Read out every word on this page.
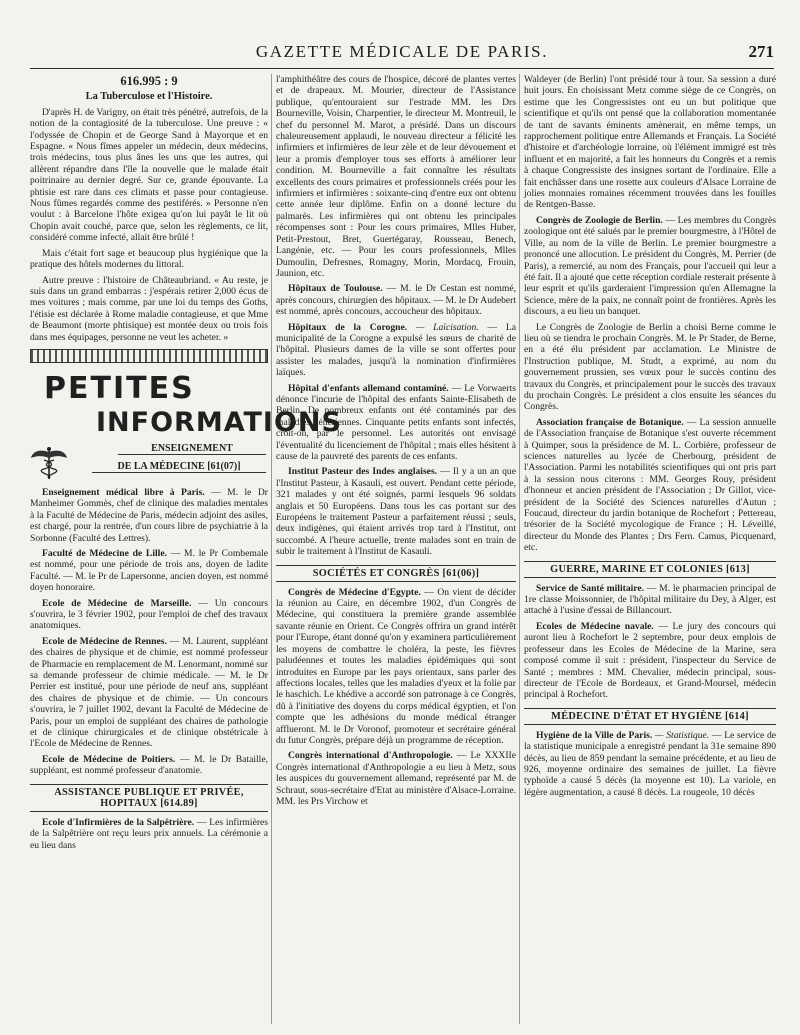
GAZETTE MÉDICALE DE PARIS.	271

616.995 : 9

La Tuberculose et l'Histoire.

D'après H. de Varigny, on était très pénétré, autrefois, de la notion de la contagiosité de la tuberculose. Une preuve : « l'odyssée de Chopin et de George Sand à Mayorque et en Espagne. « Nous fîmes appeler un médecin, deux médecins, trois médecins, tous plus ânes les uns que les autres, qui allèrent répandre dans l'île la nouvelle que le malade était poitrinaire au dernier degré. Sur ce, grande épouvante. La phtisie est rare dans ces climats et passe pour contagieuse. Nous fûmes regardés comme des pestiférés. » Personne n'en voulut : à Barcelone l'hôte exigea qu'on lui payât le lit où Chopin avait couché, parce que, selon les règlements, ce lit, considéré comme infecté, allait être brûlé !

Mais c'était fort sage et beaucoup plus hygiénique que la pratique des hôtels modernes du littoral.

Autre preuve : l'histoire de Châteaubriand. « Au reste, je suis dans un grand embarras : j'espérais retirer 2,000 écus de mes voitures ; mais comme, par une loi du temps des Goths, l'étisie est déclarée à Rome maladie contagieuse, et que Mme de Beaumont (morte phtisique) est montée deux ou trois fois dans mes équipages, personne ne veut les acheter. »

PETITES
INFORMATIONS
ENSEIGNEMENT
DE LA MÉDECINE [61(07)]

Enseignement médical libre à Paris. — M. le Dr Manheimer Gommès, chef de clinique des maladies mentales à la Faculté de Médecine de Paris, médecin adjoint des asiles, est chargé, pour la rentrée, d'un cours libre de psychiatrie à la Sorbonne (Faculté des Lettres).

Faculté de Médecine de Lille. — M. le Pr Combemale est nommé, pour une période de trois ans, doyen de ladite Faculté. — M. le Pr de Lapersonne, ancien doyen, est nommé doyen honoraire.

Ecole de Médecine de Marseille. — Un concours s'ouvrira, le 3 février 1902, pour l'emploi de chef des travaux anatomiques.

Ecole de Médecine de Rennes. — M. Laurent, suppléant des chaires de physique et de chimie, est nommé professeur de Pharmacie en remplacement de M. Lenormant, nommé sur sa demande professeur de chimie médicale. — M. le Dr Perrier est institué, pour une période de neuf ans, suppléant des chaires de physique et de chimie. — Un concours s'ouvrira, le 7 juillet 1902, devant la Faculté de Médecine de Paris, pour un emploi de suppléant des chaires de pathologie et de clinique chirurgicales et de clinique obstétricale à l'Ecole de Médecine de Rennes.

Ecole de Médecine de Poitiers. — M. le Dr Bataille, suppléant, est nommé professeur d'anatomie.

ASSISTANCE PUBLIQUE ET PRIVÉE,
HOPITAUX [614.89]

Ecole d'Infirmières de la Salpêtrière. — Les infirmières de la Salpêtrière ont reçu leurs prix annuels. La cérémonie a eu lieu dans

l'amphithéâtre des cours de l'hospice, décoré de plantes vertes et de drapeaux. M. Mourier, directeur de l'Assistance publique, qu'entouraient sur l'estrade MM. les Drs Bourneville, Voisin, Charpentier, le directeur M. Montreuil, le chef du personnel M. Marot, a présidé. Dans un discours chaleureusement applaudi, le nouveau directeur a félicité les infirmiers et infirmières de leur zèle et de leur dévouement et leur a promis d'employer tous ses efforts à améliorer leur condition. M. Bourneville a fait connaître les résultats excellents des cours primaires et professionnels créés pour les infirmiers et infirmières : soixante-cinq d'entre eux ont obtenu cette année leur diplôme. Enfin on a donné lecture du palmarès. Les infirmières qui ont obtenu les principales récompenses sont : Pour les cours primaires, Mlles Huber, Petit-Prestout, Bret, Guertégaray, Rousseau, Benech, Langénie, etc. — Pour les cours professionnels, Mlles Dumoulin, Defresnes, Romagny, Morin, Mordacq, Frouin, Jaunion, etc.

Hôpitaux de Toulouse. — M. le Dr Cestan est nommé, après concours, chirurgien des hôpitaux. — M. le Dr Audebert est nommé, après concours, accoucheur des hôpitaux.

Hôpitaux de la Corogne. — Laïcisation. — La municipalité de la Corogne a expulsé les sœurs de charité de l'hôpital. Plusieurs dames de la ville se sont offertes pour assister les malades, jusqu'à la nomination d'infirmières laïques.

Hôpital d'enfants allemand contaminé. — Le Vorwaerts dénonce l'incurie de l'hôpital des enfants Sainte-Elisabeth de Berlin. De nombreux enfants ont été contaminés par des maladies vénériennes. Cinquante petits enfants sont infectés, croit-on, par le personnel. Les autorités ont envisagé l'éventualité du licenciement de l'hôpital ; mais elles hésitent à cause de la pauvreté des parents de ces enfants.

Institut Pasteur des Indes anglaises. — Il y a un an que l'Institut Pasteur, à Kasauli, est ouvert. Pendant cette période, 321 malades y ont été soignés, parmi lesquels 96 soldats anglais et 50 Européens. Dans tous les cas portant sur des Européens le traitement Pasteur a parfaitement réussi ; seuls, deux indigènes, qui étaient arrivés trop tard à l'Institut, ont succombé. A l'heure actuelle, trente malades sont en train de subir le traitement à l'Institut de Kasauli.

SOCIÉTÉS ET CONGRÈS [61(06)]

Congrès de Médecine d'Egypte. — On vient de décider la réunion au Caire, en décembre 1902, d'un Congrès de Médecine, qui constituera la première grande assemblée savante réunie en Orient. Ce Congrès offrira un grand intérêt pour l'Europe, étant donné qu'on y examinera particulièrement les moyens de combattre le choléra, la peste, les fièvres paludéennes et toutes les maladies épidémiques qui sont introduites en Europe par les pays orientaux, sans parler des affections locales, telles que les maladies d'yeux et la folie par le haschich. Le khédive a accordé son patronage à ce Congrès, dû à l'initiative des doyens du corps médical égyptien, et l'on compte que les adhésions du monde médical étranger afflueront. M. le Dr Voronof, promoteur et secrétaire général du futur Congrès, prépare déjà un programme de réception.

Congrès international d'Anthropologie. — Le XXXIIe Congrès international d'Anthropologie a eu lieu à Metz, sous les auspices du gouvernement allemand, représenté par M. de Schraut, sous-secrétaire d'Etat au ministère d'Alsace-Lorraine. MM. les Prs Virchow et

Waldeyer (de Berlin) l'ont présidé tour à tour. Sa session a duré huit jours. En choisissant Metz comme siège de ce Congrès, on estime que les Congressistes ont eu un but politique que scientifique et qu'ils ont pensé que la collaboration momentanée de tant de savants éminents amènerait, en même temps, un rapprochement politique entre Allemands et Français. La Société d'histoire et d'archéologie lorraine, où l'élément immigré est très influent et en majorité, a fait les honneurs du Congrès et a remis à chaque Congressiste des insignes sortant de l'ordinaire. Elle a fait enchâsser dans une rosette aux couleurs d'Alsace Lorraine de jolies monnaies romaines récemment trouvées dans les fouilles de Rentgen-Basse.

Congrès de Zoologie de Berlin. — Les membres du Congrès zoologique ont été salués par le premier bourgmestre, à l'Hôtel de Ville, au nom de la ville de Berlin. Le premier bourgmestre a prononcé une allocution. Le président du Congrès, M. Perrier (de Paris), a remercié, au nom des Français, pour l'accueil qui leur a été fait. Il a ajouté que cette réception cordiale resterait présente à leur esprit et qu'ils garderaient l'impression qu'en Allemagne la Science, mère de la paix, ne connaît point de frontières. Après les discours, a eu lieu un banquet.

Le Congrès de Zoologie de Berlin a choisi Berne comme le lieu où se tiendra le prochain Congrès. M. le Pr Stader, de Berne, en a été élu président par acclamation. Le Ministre de l'Instruction publique, M. Studt, a exprimé, au nom du gouvernement prussien, ses vœux pour le succès continu des travaux du Congrès, et principalement pour le succès des travaux du prochain Congrès. Le président a clos ensuite les séances du Congrès.

Association française de Botanique. — La session annuelle de l'Association française de Botanique s'est ouverte récemment à Quimper, sous la présidence de M. L. Corbière, professeur de sciences naturelles au lycée de Cherbourg, président de l'Association. Parmi les notabilités scientifiques qui ont pris part à la session nous citerons : MM. Georges Rouy, président d'honneur et ancien président de l'Association ; Dr Gillot, vice-président de la Société des Sciences naturelles d'Autun ; Foucaud, directeur du jardin botanique de Rochefort ; Pettereau, trésorier de la Société mycologique de France ; H. Léveillé, directeur du Monde des Plantes ; Drs Fern. Camus, Picquenard, etc.

GUERRE, MARINE ET COLONIES [613]

Service de Santé militaire. — M. le pharmacien principal de 1re classe Moissonnier, de l'hôpital militaire du Dey, à Alger, est attaché à l'usine d'essai de Billancourt.

Ecoles de Médecine navale. — Le jury des concours qui auront lieu à Rochefort le 2 septembre, pour deux emplois de professeur dans les Ecoles de Médecine de la Marine, sera composé comme il suit : président, l'inspecteur du Service de Santé ; membres : MM. Chevalier, médecin principal, sous-directeur de l'Ecole de Bordeaux, et Grand-Moursel, médecin principal à Rochefort.

MÉDECINE D'ÉTAT ET HYGIÈNE [614]

Hygiène de la Ville de Paris. — Statistique. — Le service de la statistique municipale a enregistré pendant la 31e semaine 890 décès, au lieu de 859 pendant la semaine précédente, et au lieu de 926, moyenne ordinaire des semaines de juillet. La fièvre typhoïde a causé 5 décès (la moyenne est 10). La variole, en légère augmentation, a causé 8 décès. La rougeole, 10 décès
